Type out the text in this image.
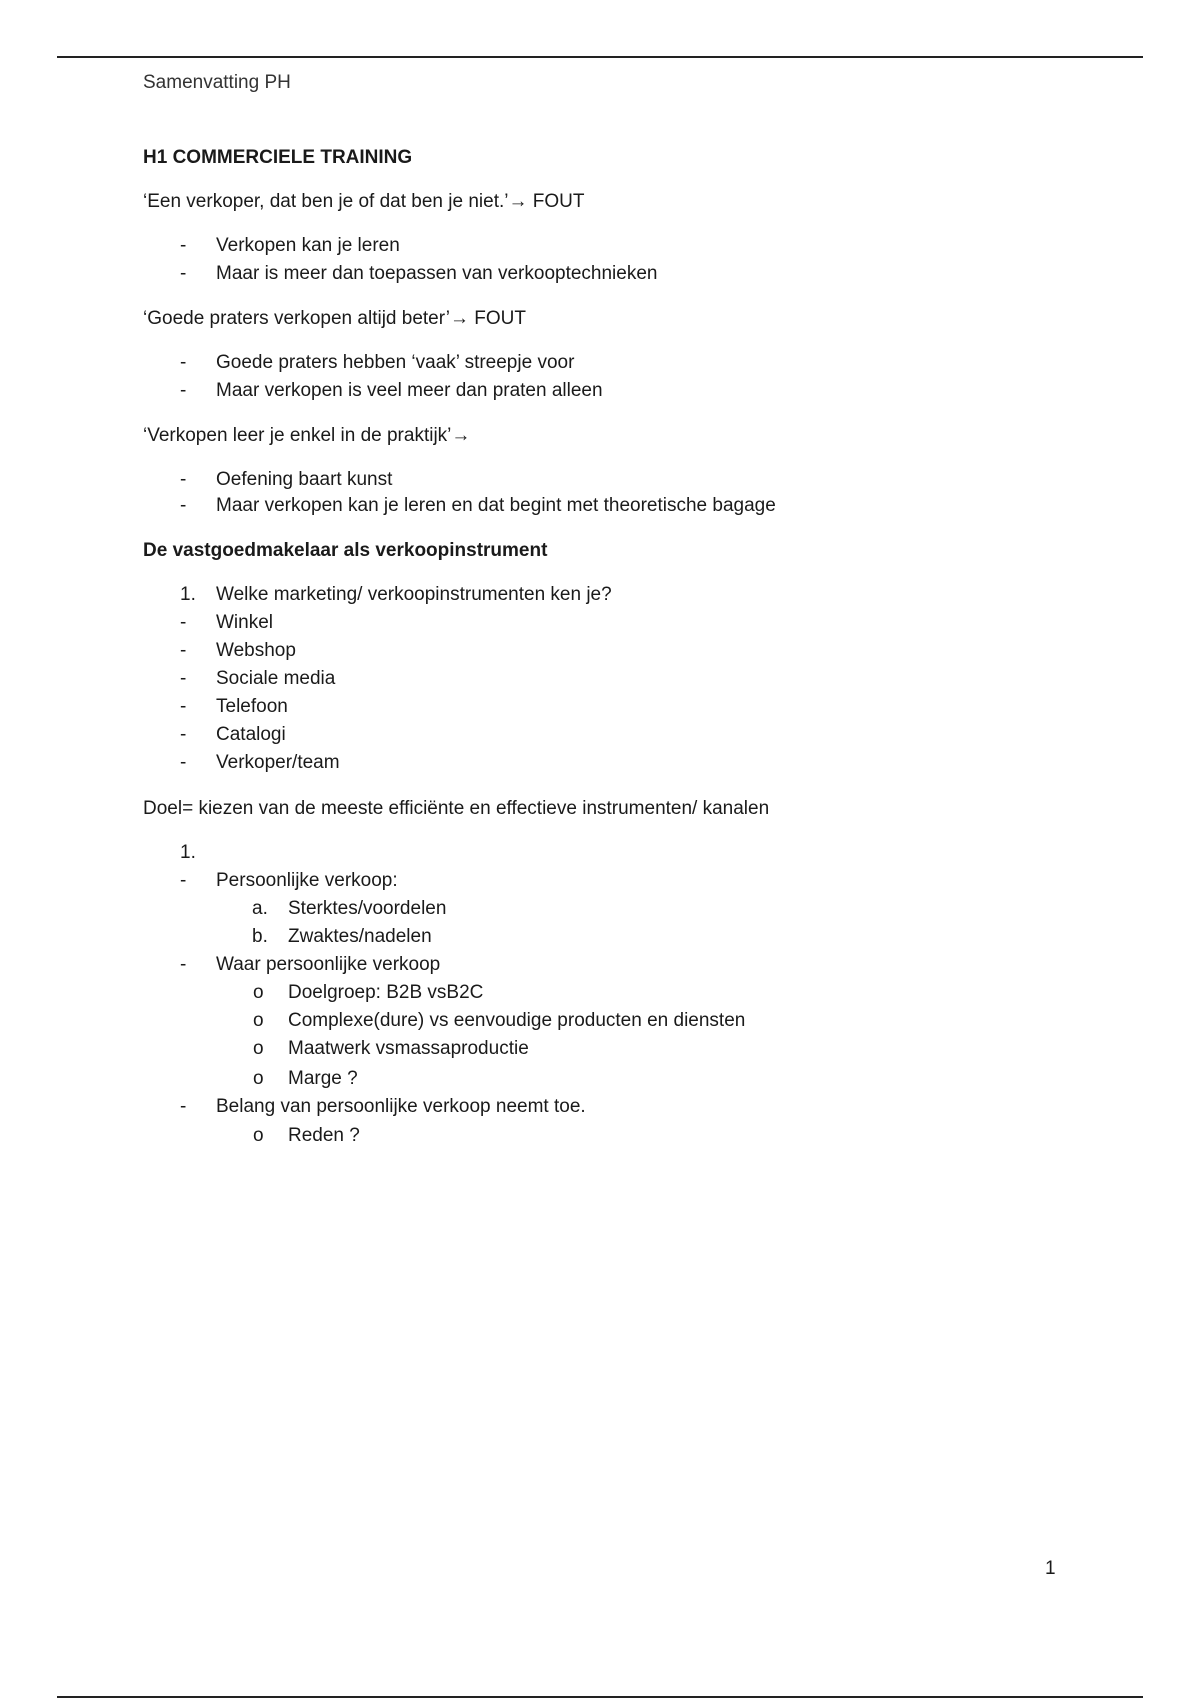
Samenvatting PH
H1 COMMERCIELE TRAINING
‘Een verkoper, dat ben je of dat ben je niet.’→ FOUT
- Verkopen kan je leren
- Maar is meer dan toepassen van verkooptechnieken
‘Goede praters verkopen altijd beter’→ FOUT
- Goede praters hebben ‘vaak’ streepje voor
- Maar verkopen is veel meer dan praten alleen
‘Verkopen leer je enkel in de praktijk’→
- Oefening baart kunst
- Maar verkopen kan je leren en dat begint met theoretische bagage
De vastgoedmakelaar als verkoopinstrument
1. Welke marketing/ verkoopinstrumenten ken je?
- Winkel
- Webshop
- Sociale media
- Telefoon
- Catalogi
- Verkoper/team
Doel= kiezen van de meeste efficiënte en effectieve instrumenten/ kanalen
1.
- Persoonlijke verkoop:
a. Sterktes/voordelen
b. Zwaktes/nadelen
- Waar persoonlijke verkoop
o Doelgroep: B2B vsB2C
o Complexe(dure) vs eenvoudige producten en diensten
o Maatwerk vsmassaproductie
o Marge ?
- Belang van persoonlijke verkoop neemt toe.
o Reden ?
1
